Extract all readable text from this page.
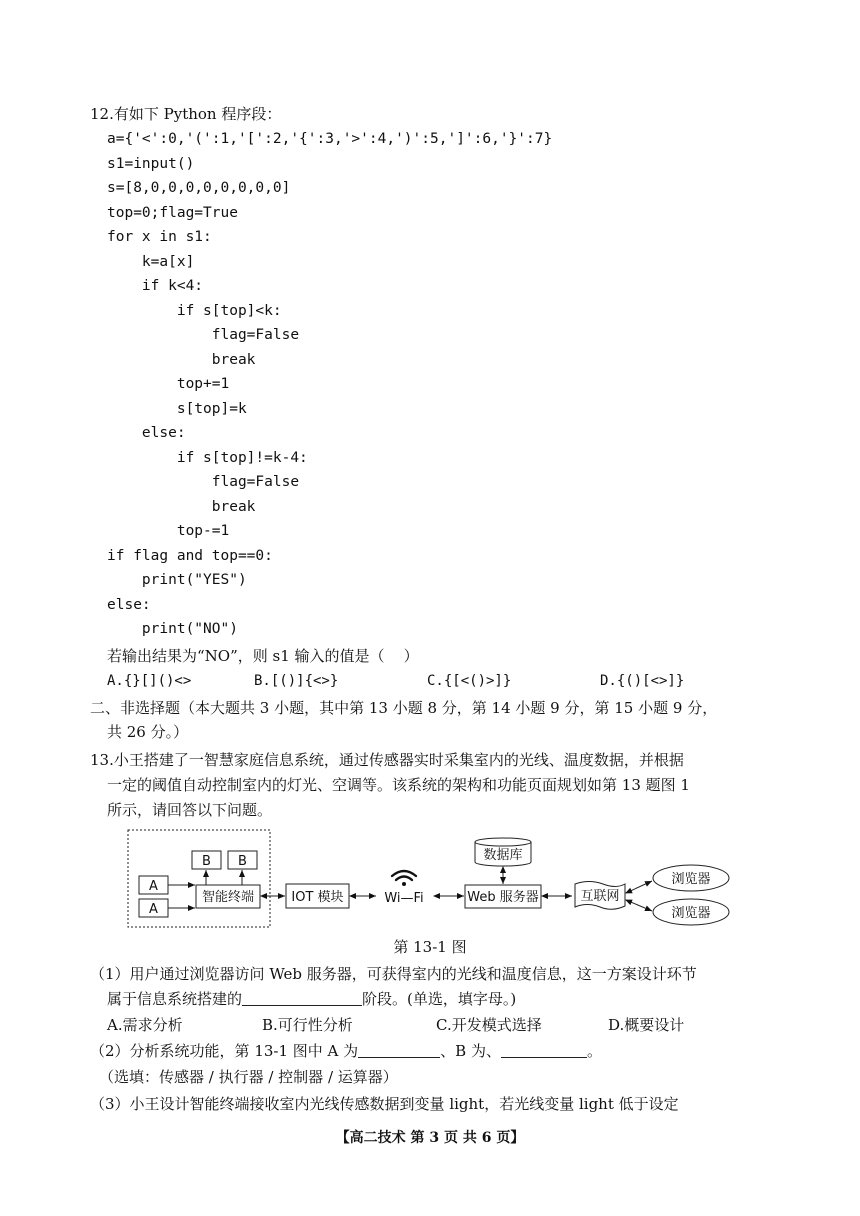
12.有如下 Python 程序段：
a={'<':0,'(':1,'[':2,'{':3,'>':4,')':5,']':6,'}':7}
s1=input()
s=[8,0,0,0,0,0,0,0,0]
top=0;flag=True
for x in s1:
k=a[x]
if k<4:
if s[top]<k:
flag=False
break
top+=1
s[top]=k
else:
if s[top]!=k-4:
flag=False
break
top-=1
if flag and top==0:
print("YES")
else:
print("NO")
若输出结果为“NO”，则 s1 输入的值是（    ）
A.{}[]()<>	B.[()]{<>}	C.{[<()>]}	D.{()[<>]}
二、非选择题（本大题共 3 小题，其中第 13 小题 8 分，第 14 小题 9 分，第 15 小题 9 分，
共 26 分。）
13.小王搭建了一智慧家庭信息系统，通过传感器实时采集室内的光线、温度数据，并根据
一定的阈值自动控制室内的灯光、空调等。该系统的架构和功能页面规划如第 13 题图 1
所示，请回答以下问题。
A
A
B B
智能终端	IOT 模块	Wi—Fi
数据库
Web 服务器	互联网
浏览器
浏览器
第 13-1 图
（1）用户通过浏览器访问 Web 服务器，可获得室内的光线和温度信息，这一方案设计环节
属于信息系统搭建的	阶段。(单选，填字母。)
A.需求分析	B.可行性分析	C.开发模式选择	D.概要设计
（2）分析系统功能，第 13-1 图中 A 为	、B 为、	。
（选填：传感器 / 执行器 / 控制器 / 运算器）
（3）小王设计智能终端接收室内光线传感数据到变量 light，若光线变量 light 低于设定
【高二技术 第 3 页 共 6 页】
